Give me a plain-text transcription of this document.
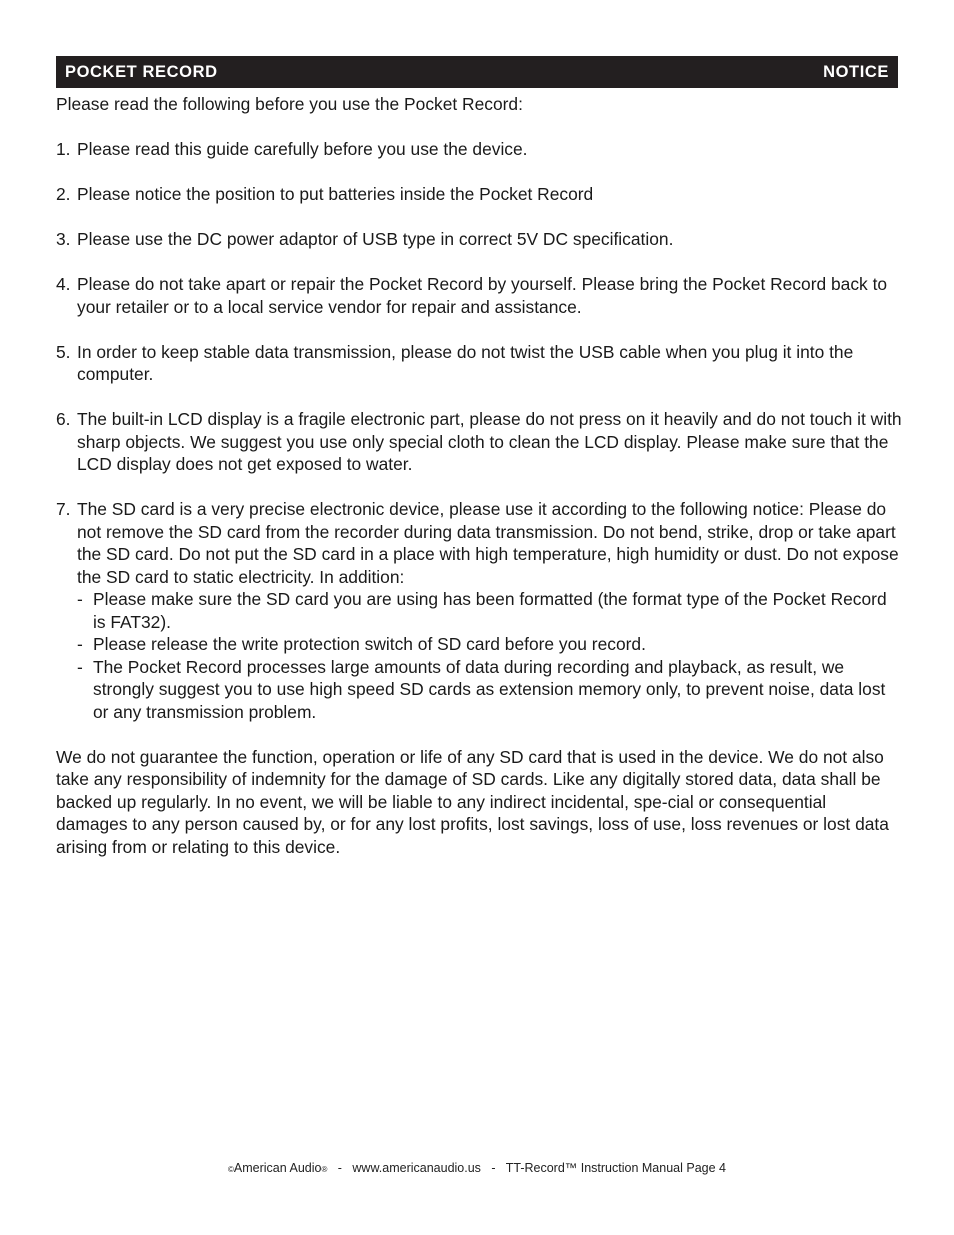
POCKET RECORD	NOTICE

Please read the following before you use the Pocket Record:

1. Please read this guide carefully before you use the device.
2. Please notice the position to put batteries inside the Pocket Record
3. Please use the DC power adaptor of USB type in correct 5V DC specification.
4. Please do not take apart or repair the Pocket Record by yourself. Please bring the Pocket Record back to your retailer or to a local service vendor for repair and assistance.
5. In order to keep stable data transmission, please do not twist the USB cable when you plug it into the computer.
6. The built-in LCD display is a fragile electronic part, please do not press on it heavily and do not touch it with sharp objects. We suggest you use only special cloth to clean the LCD display. Please make sure that the LCD display does not get exposed to water.
7. The SD card is a very precise electronic device, please use it according to the following notice: Please do not remove the SD card from the recorder during data transmission. Do not bend, strike, drop or take apart the SD card. Do not put the SD card in a place with high temperature, high humidity or dust. Do not expose the SD card to static electricity. In addition:
- Please make sure the SD card you are using has been formatted (the format type of the Pocket Record is FAT32).
- Please release the write protection switch of SD card before you record.
- The Pocket Record processes large amounts of data during recording and playback, as result, we strongly suggest you to use high speed SD cards as extension memory only, to prevent noise, data lost or any transmission problem.

We do not guarantee the function, operation or life of any SD card that is used in the device. We do not also take any responsibility of indemnity for the damage of SD cards. Like any digitally stored data, data shall be backed up regularly. In no event, we will be liable to any indirect incidental, spe-cial or consequential damages to any person caused by, or for any lost profits, lost savings, loss of use, loss revenues or lost data arising from or relating to this device.

©American Audio® - www.americanaudio.us - TT-Record™ Instruction Manual Page 4
